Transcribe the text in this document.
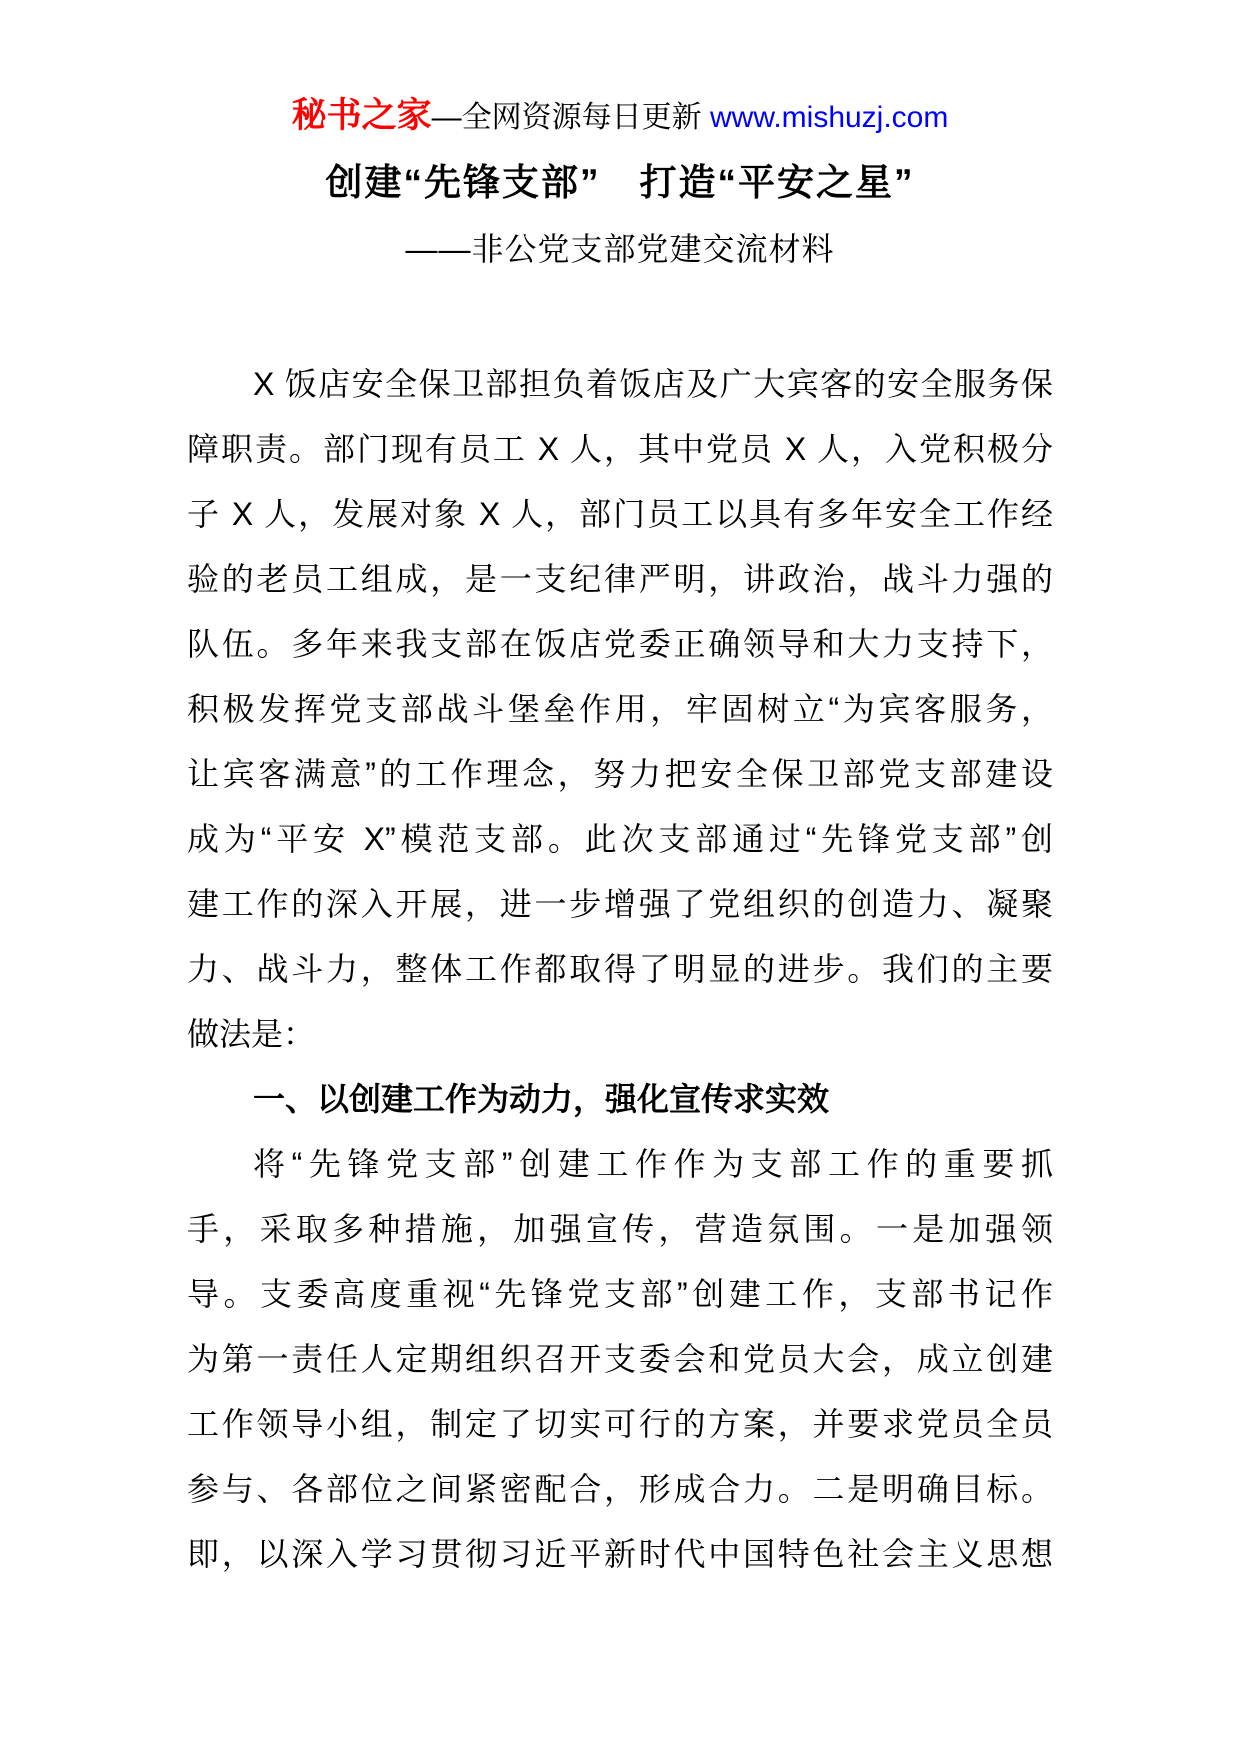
秘书之家—全网资源每日更新 www.mishuzj.com
创建“先锋支部”　打造“平安之星”
——非公党支部党建交流材料
X 饭店安全保卫部担负着饭店及广大宾客的安全服务保
障职责。部门现有员工 X 人，其中党员 X 人，入党积极分
子 X 人，发展对象 X 人，部门员工以具有多年安全工作经
验的老员工组成，是一支纪律严明，讲政治，战斗力强的
队伍。多年来我支部在饭店党委正确领导和大力支持下，
积极发挥党支部战斗堡垒作用，牢固树立“为宾客服务，
让宾客满意”的工作理念，努力把安全保卫部党支部建设
成为“平安 X”模范支部。此次支部通过“先锋党支部”创
建工作的深入开展，进一步增强了党组织的创造力、凝聚
力、战斗力，整体工作都取得了明显的进步。我们的主要
做法是：
一、以创建工作为动力，强化宣传求实效
将“先锋党支部”创建工作作为支部工作的重要抓
手，采取多种措施，加强宣传，营造氛围。一是加强领
导。支委高度重视“先锋党支部”创建工作，支部书记作
为第一责任人定期组织召开支委会和党员大会，成立创建
工作领导小组，制定了切实可行的方案，并要求党员全员
参与、各部位之间紧密配合，形成合力。二是明确目标。
即，以深入学习贯彻习近平新时代中国特色社会主义思想
